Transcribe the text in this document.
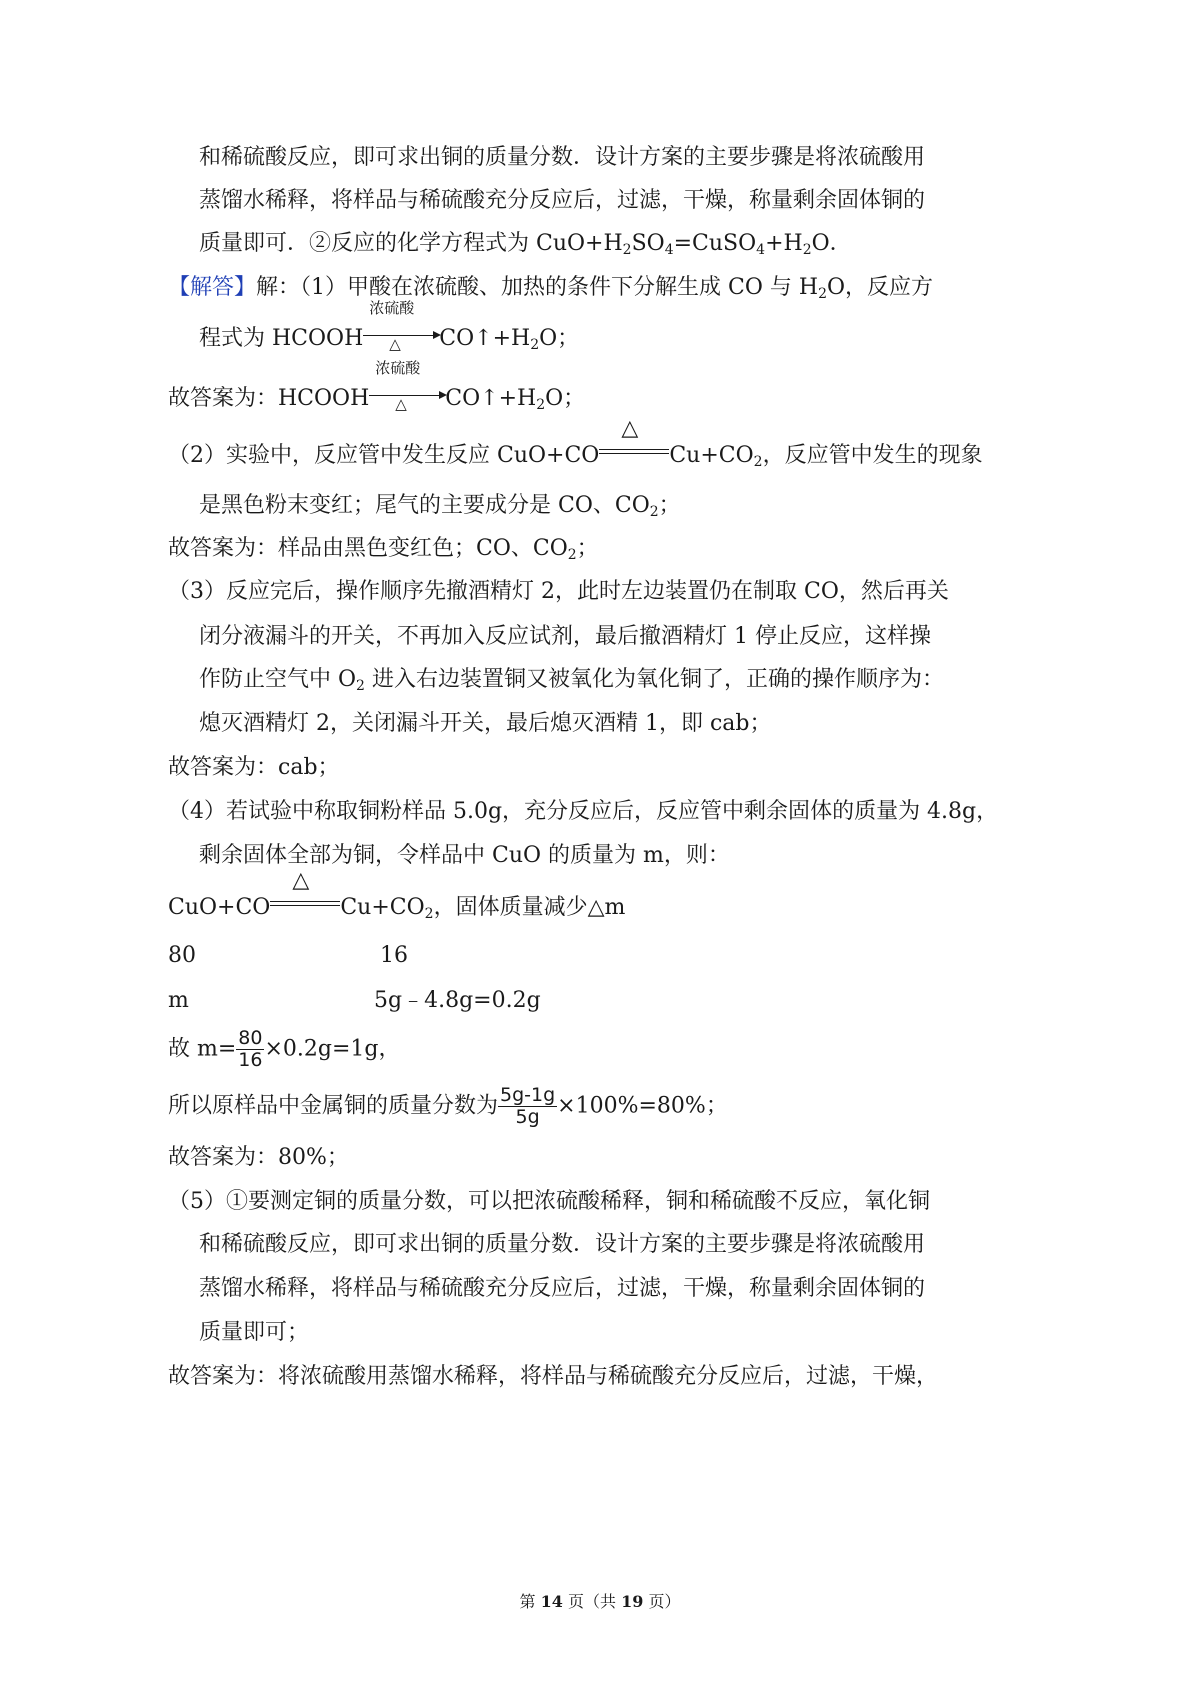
和稀硫酸反应，即可求出铜的质量分数．设计方案的主要步骤是将浓硫酸用
蒸馏水稀释，将样品与稀硫酸充分反应后，过滤，干燥，称量剩余固体铜的
质量即可．②反应的化学方程式为 $CuO+H_2SO_4=CuSO_4+H_2O$．
【解答】解：（1）甲酸在浓硫酸、加热的条件下分解生成 CO 与 $H_2O$，反应方
程式为 HCOOH
浓硫酸
△ $CO↑+H_2O$；
故答案为：HCOOH
浓硫酸
△ $CO↑+H_2O$；
（2）实验中，反应管中发生反应 CuO+CO
△
$Cu+CO_2$，反应管中发生的现象
是黑色粉末变红；尾气的主要成分是 CO、$CO_2$；
故答案为：样品由黑色变红色；CO、$CO_2$；
（3）反应完后，操作顺序先撤酒精灯 2，此时左边装置仍在制取 CO，然后再关
闭分液漏斗的开关，不再加入反应试剂，最后撤酒精灯 1 停止反应，这样操
作防止空气中 $O_2$ 进入右边装置铜又被氧化为氧化铜了，正确的操作顺序为：
熄灭酒精灯 2，关闭漏斗开关，最后熄灭酒精 1，即 cab；
故答案为：cab；
（4）若试验中称取铜粉样品 5.0g，充分反应后，反应管中剩余固体的质量为 4.8g，
剩余固体全部为铜，令样品中 CuO 的质量为 m，则：
CuO+CO
△
$Cu+CO_2$，固体质量减少△m
80	16
m	5g﹣4.8g=0.2g
故 $m= \frac{80}{16} \times 0.2g=1g$，
所以原样品中金属铜的质量分数为 $\frac{5g-1g}{5g} \times 100\%=80\%$；
故答案为：80%；
（5）①要测定铜的质量分数，可以把浓硫酸稀释，铜和稀硫酸不反应，氧化铜
和稀硫酸反应，即可求出铜的质量分数．设计方案的主要步骤是将浓硫酸用
蒸馏水稀释，将样品与稀硫酸充分反应后，过滤，干燥，称量剩余固体铜的
质量即可；
故答案为：将浓硫酸用蒸馏水稀释，将样品与稀硫酸充分反应后，过滤，干燥，
第 14 页（共 19 页）
